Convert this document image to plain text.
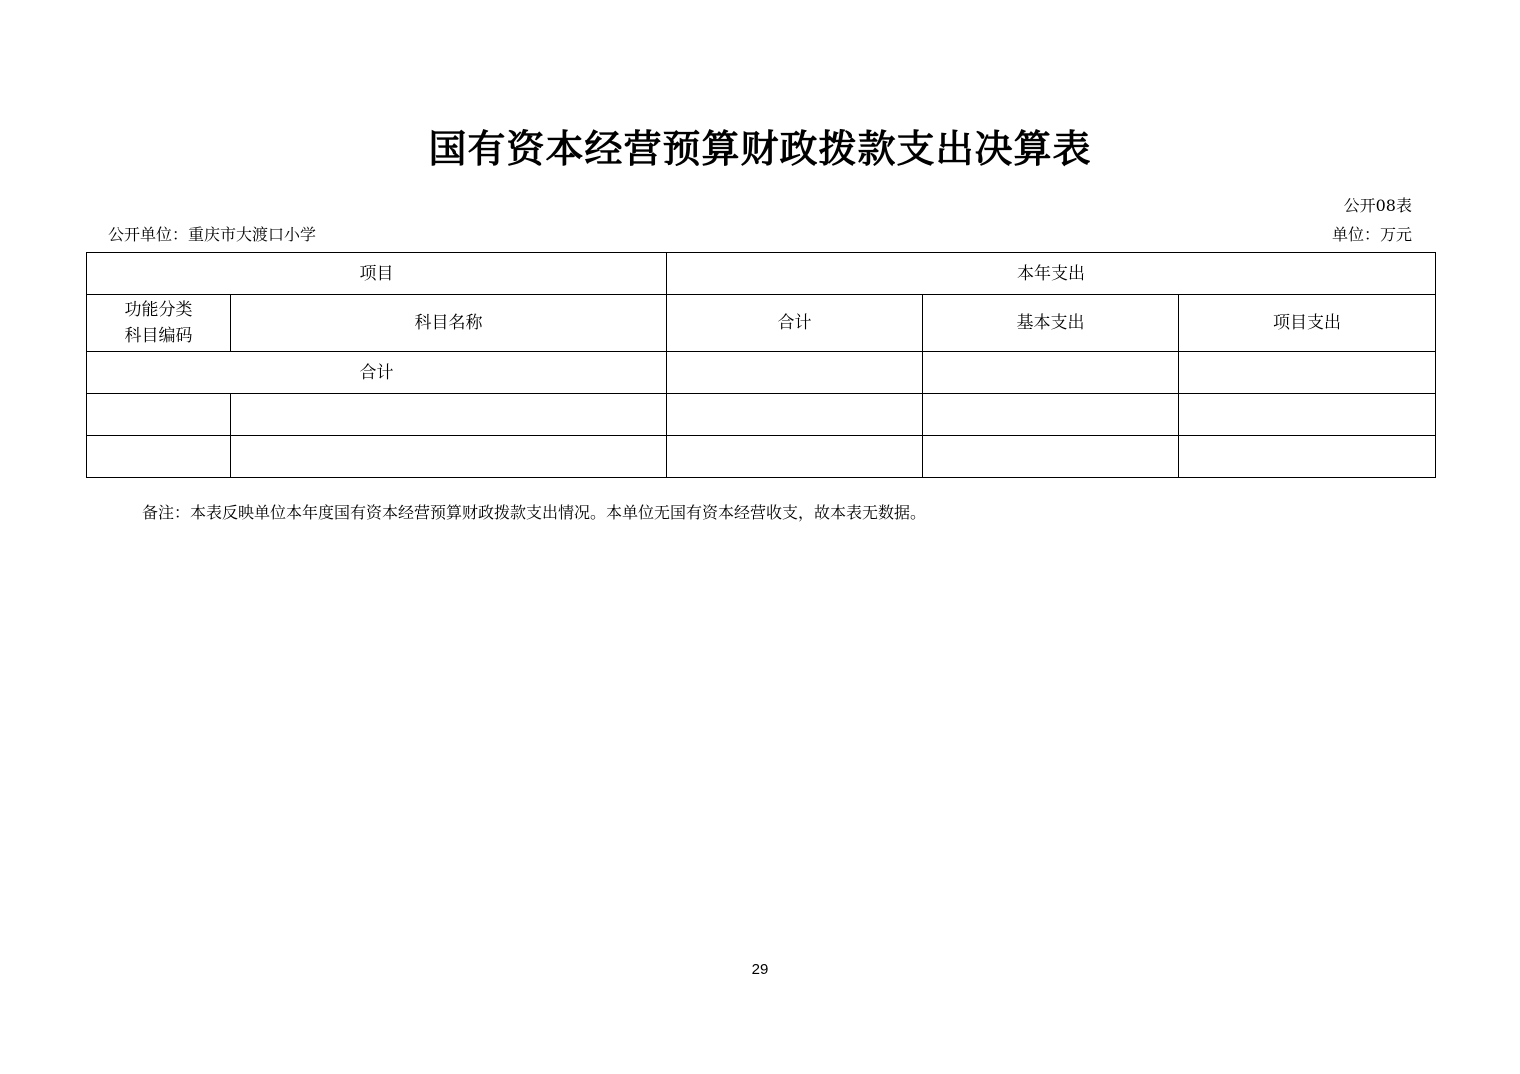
国有资本经营预算财政拨款支出决算表
公开08表
公开单位：重庆市大渡口小学	单位：万元
项目		本年支出		

功能分类
科目编码	科目名称	合计	基本支出	项目支出
合计				

备注：本表反映单位本年度国有资本经营预算财政拨款支出情况。本单位无国有资本经营收支，故本表无数据。
29
